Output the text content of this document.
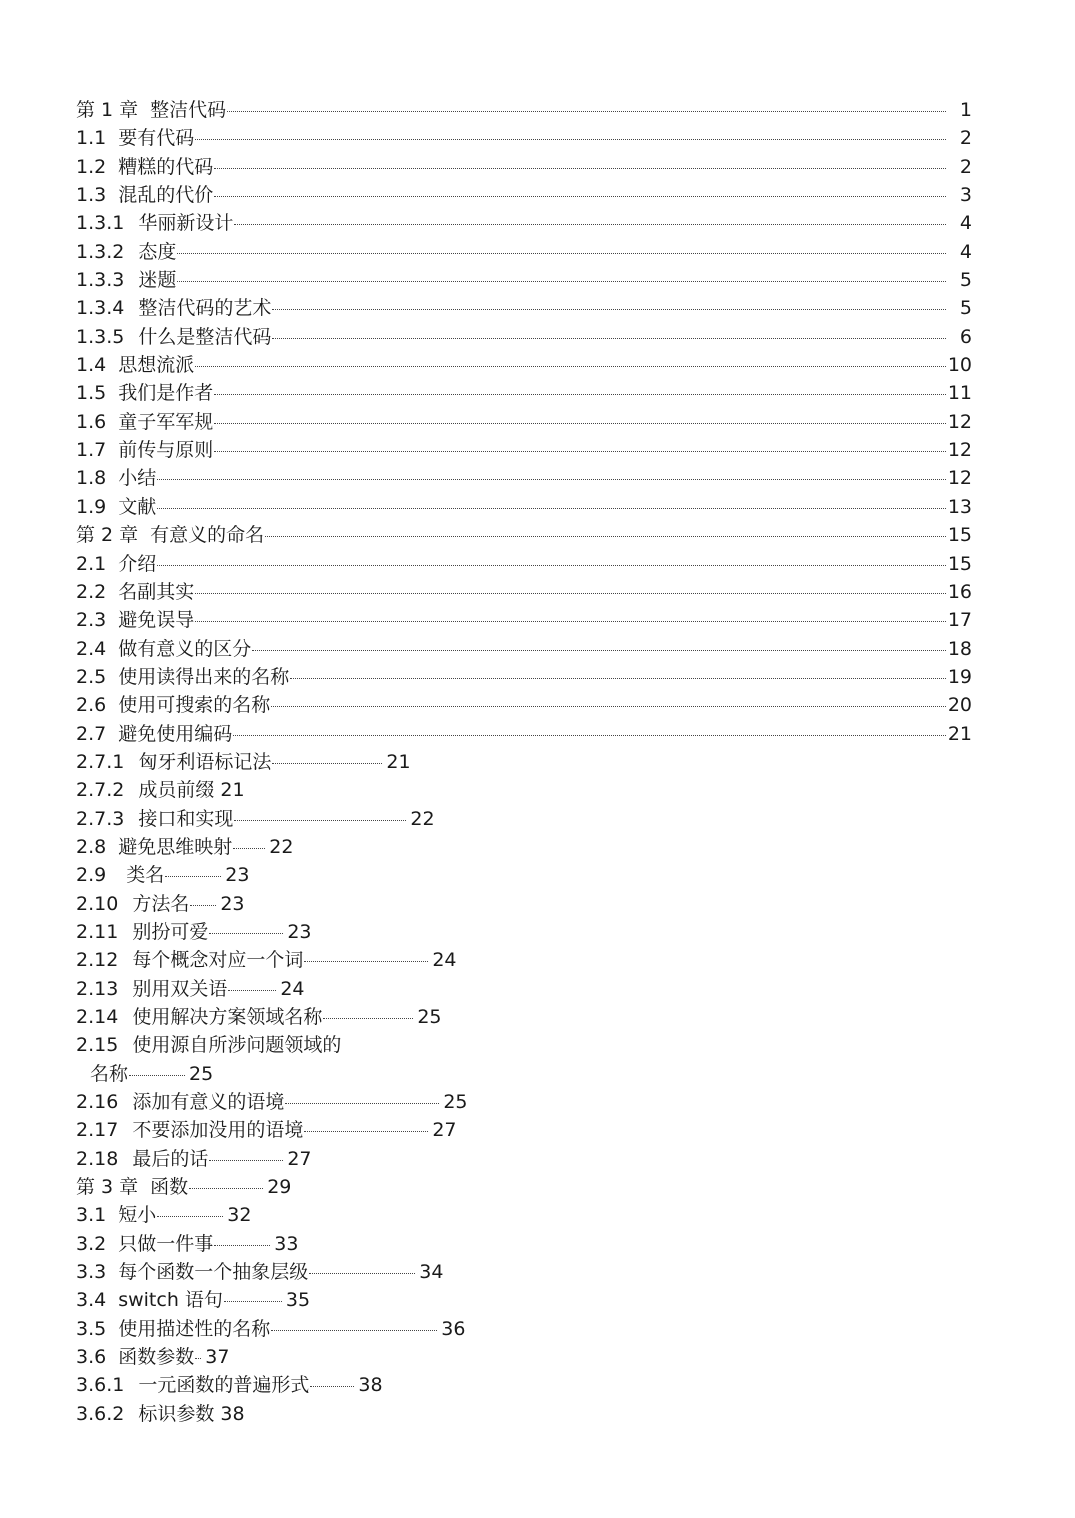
第 1 章 整洁代码	1
1.1 要有代码	2
1.2 糟糕的代码	2
1.3 混乱的代价	3
1.3.1 华丽新设计	4
1.3.2 态度	4
1.3.3 迷题	5
1.3.4 整洁代码的艺术	5
1.3.5 什么是整洁代码	6
1.4 思想流派	10
1.5 我们是作者	11
1.6 童子军军规	12
1.7 前传与原则	12
1.8 小结	12
1.9 文献	13
第 2 章 有意义的命名	15
2.1 介绍	15
2.2 名副其实	16
2.3 避免误导	17
2.4 做有意义的区分	18
2.5 使用读得出来的名称	19
2.6 使用可搜索的名称	20
2.7 避免使用编码	21
2.7.1 匈牙利语标记法	21
2.7.2 成员前缀 21
2.7.3 接口和实现	22
2.8 避免思维映射 22
2.9 类名	23
2.10 方法名 23
2.11 别扮可爱	23
2.12 每个概念对应一个词	24
2.13 别用双关语	24
2.14 使用解决方案领域名称	25
2.15 使用源自所涉问题领域的
名称	25
2.16 添加有意义的语境	25
2.17 不要添加没用的语境	27
2.18 最后的话	27
第 3 章 函数	29
3.1 短小	32
3.2 只做一件事	33
3.3 每个函数一个抽象层级	34
3.4 switch 语句	35
3.5 使用描述性的名称	36
3.6 函数参数 37
3.6.1 一元函数的普遍形式	38
3.6.2 标识参数 38
